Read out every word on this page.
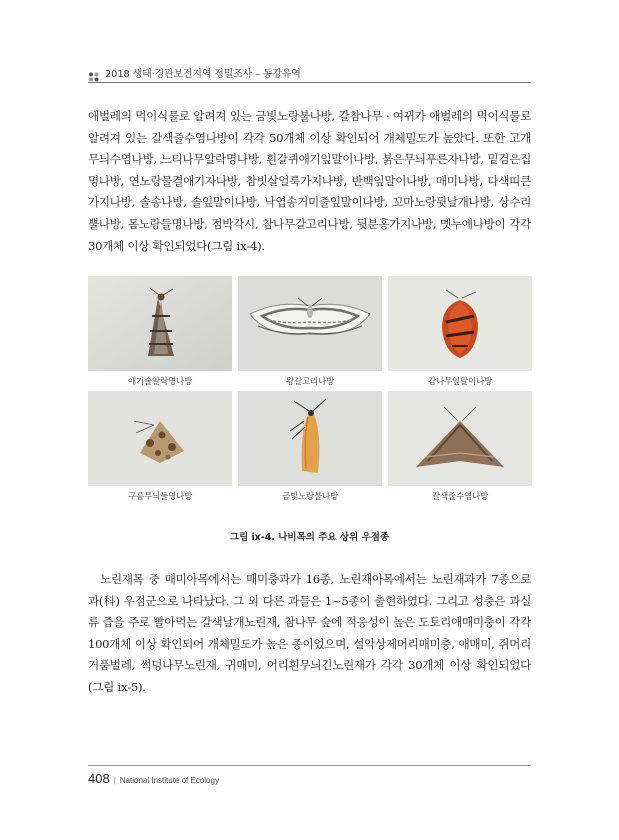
2018 생태·경관보전지역 정밀조사 – 동강유역

애벌레의 먹이식물로 알려져 있는 금빛노랑불나방, 갈참나무 · 여뀌가 애벌레의 먹이식물로 알려져 있는 갈색줄수염나방이 각각 50개체 이상 확인되어 개체밀도가 높았다. 또한 고개무늬수염나방, 느티나무알락명나방, 흰갈퀴애기잎말이나방, 붉은무늬푸른자나방, 밑검은집명나방, 연노랑물결애기자나방, 참빗살얼룩가지나방, 반백잎말이나방, 매미나방, 다색띠큰가지나방, 솔송나방, 솔잎말이나방, 낙엽송거미줄잎말이나방, 꼬마노랑뒷날개나방, 상수리뿔나방, 몸노랑들명나방, 점박각시, 참나무갈고리나방, 뒷분홍가지나방, 멧누에나방이 각각 30개체 이상 확인되었다(그림 ⅸ-4).

애기솔알락명나방	왕갈고리나방	감나무잎말이나방
구름무늬들명나방	금빛노랑불나방	갈색줄수염나방
그림 ⅸ-4. 나비목의 주요 상위 우점종

노린재목 중 매미아목에서는 매미충과가 16종, 노린재아목에서는 노린재과가 7종으로 과(科) 우점군으로 나타났다. 그 외 다른 과들은 1~5종이 출현하였다. 그리고 성충은 과실류 즙을 주로 빨아먹는 갈색날개노린재, 참나무 숲에 적응성이 높은 도토리애매미충이 각각 100개체 이상 확인되어 개체밀도가 높은 종이었으며, 설악상제머리매미충, 애매미, 쥐머리거품벌레, 썩덩나무노린재, 귀매미, 어리흰무늬긴노린재가 각각 30개체 이상 확인되었다(그림 ⅸ-5).

408 | National Institute of Ecology
